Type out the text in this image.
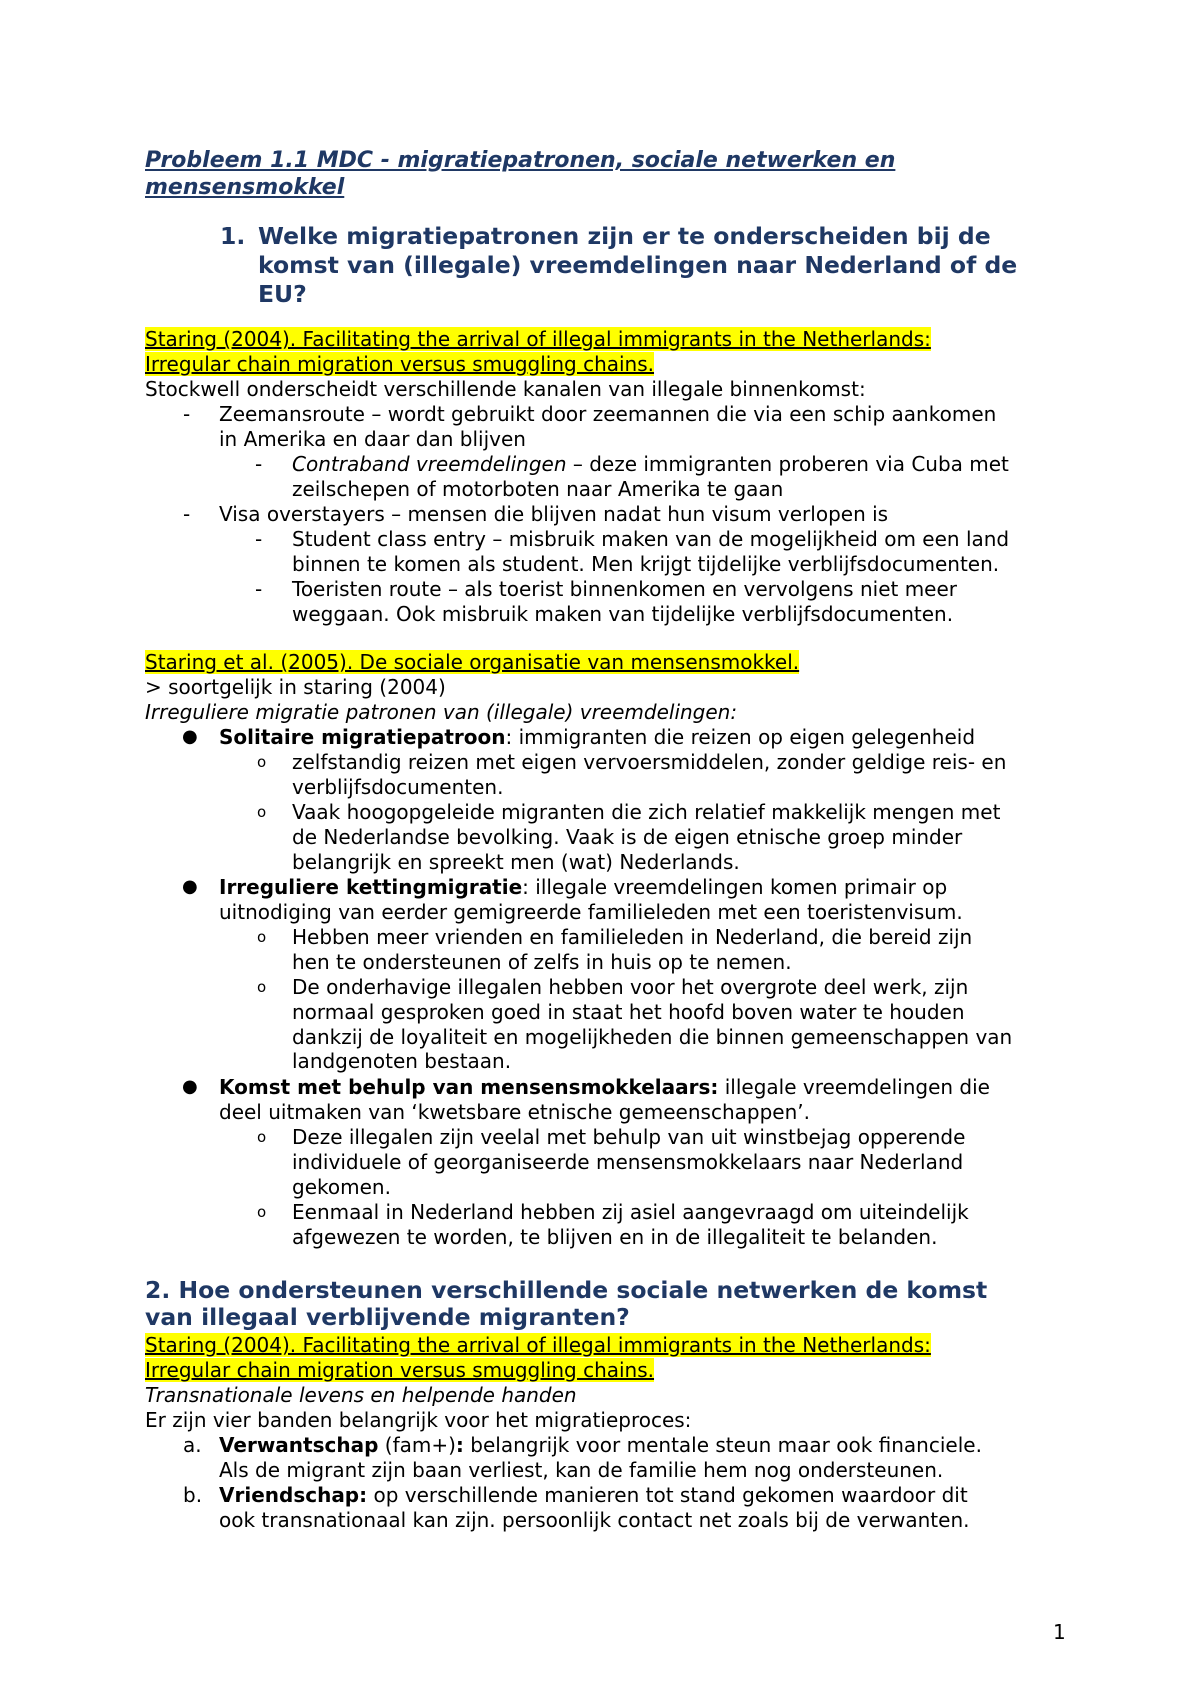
Probleem 1.1 MDC - migratiepatronen, sociale netwerken en
mensensmokkel
1. Welke migratiepatronen zijn er te onderscheiden bij de
komst van (illegale) vreemdelingen naar Nederland of de
EU?
Staring (2004). Facilitating the arrival of illegal immigrants in the Netherlands:
Irregular chain migration versus smuggling chains.
Stockwell onderscheidt verschillende kanalen van illegale binnenkomst:
- Zeemansroute – wordt gebruikt door zeemannen die via een schip aankomen
in Amerika en daar dan blijven
- Contraband vreemdelingen – deze immigranten proberen via Cuba met
zeilschepen of motorboten naar Amerika te gaan
- Visa overstayers – mensen die blijven nadat hun visum verlopen is
- Student class entry – misbruik maken van de mogelijkheid om een land
binnen te komen als student. Men krijgt tijdelijke verblijfsdocumenten.
- Toeristen route – als toerist binnenkomen en vervolgens niet meer
weggaan. Ook misbruik maken van tijdelijke verblijfsdocumenten.
Staring et al. (2005). De sociale organisatie van mensensmokkel.
> soortgelijk in staring (2004)
Irreguliere migratie patronen van (illegale) vreemdelingen:
● Solitaire migratiepatroon: immigranten die reizen op eigen gelegenheid
o zelfstandig reizen met eigen vervoersmiddelen, zonder geldige reis- en
verblijfsdocumenten.
o Vaak hoogopgeleide migranten die zich relatief makkelijk mengen met
de Nederlandse bevolking. Vaak is de eigen etnische groep minder
belangrijk en spreekt men (wat) Nederlands.
● Irreguliere kettingmigratie: illegale vreemdelingen komen primair op
uitnodiging van eerder gemigreerde familieleden met een toeristenvisum.
o Hebben meer vrienden en familieleden in Nederland, die bereid zijn
hen te ondersteunen of zelfs in huis op te nemen.
o De onderhavige illegalen hebben voor het overgrote deel werk, zijn
normaal gesproken goed in staat het hoofd boven water te houden
dankzij de loyaliteit en mogelijkheden die binnen gemeenschappen van
landgenoten bestaan.
● Komst met behulp van mensensmokkelaars: illegale vreemdelingen die
deel uitmaken van ‘kwetsbare etnische gemeenschappen’.
o Deze illegalen zijn veelal met behulp van uit winstbejag opperende
individuele of georganiseerde mensensmokkelaars naar Nederland
gekomen.
o Eenmaal in Nederland hebben zij asiel aangevraagd om uiteindelijk
afgewezen te worden, te blijven en in de illegaliteit te belanden.
2. Hoe ondersteunen verschillende sociale netwerken de komst
van illegaal verblijvende migranten?
Staring (2004). Facilitating the arrival of illegal immigrants in the Netherlands:
Irregular chain migration versus smuggling chains.
Transnationale levens en helpende handen
Er zijn vier banden belangrijk voor het migratieproces:
a. Verwantschap (fam+): belangrijk voor mentale steun maar ook financiele.
Als de migrant zijn baan verliest, kan de familie hem nog ondersteunen.
b. Vriendschap: op verschillende manieren tot stand gekomen waardoor dit
ook transnationaal kan zijn. persoonlijk contact net zoals bij de verwanten.
1
